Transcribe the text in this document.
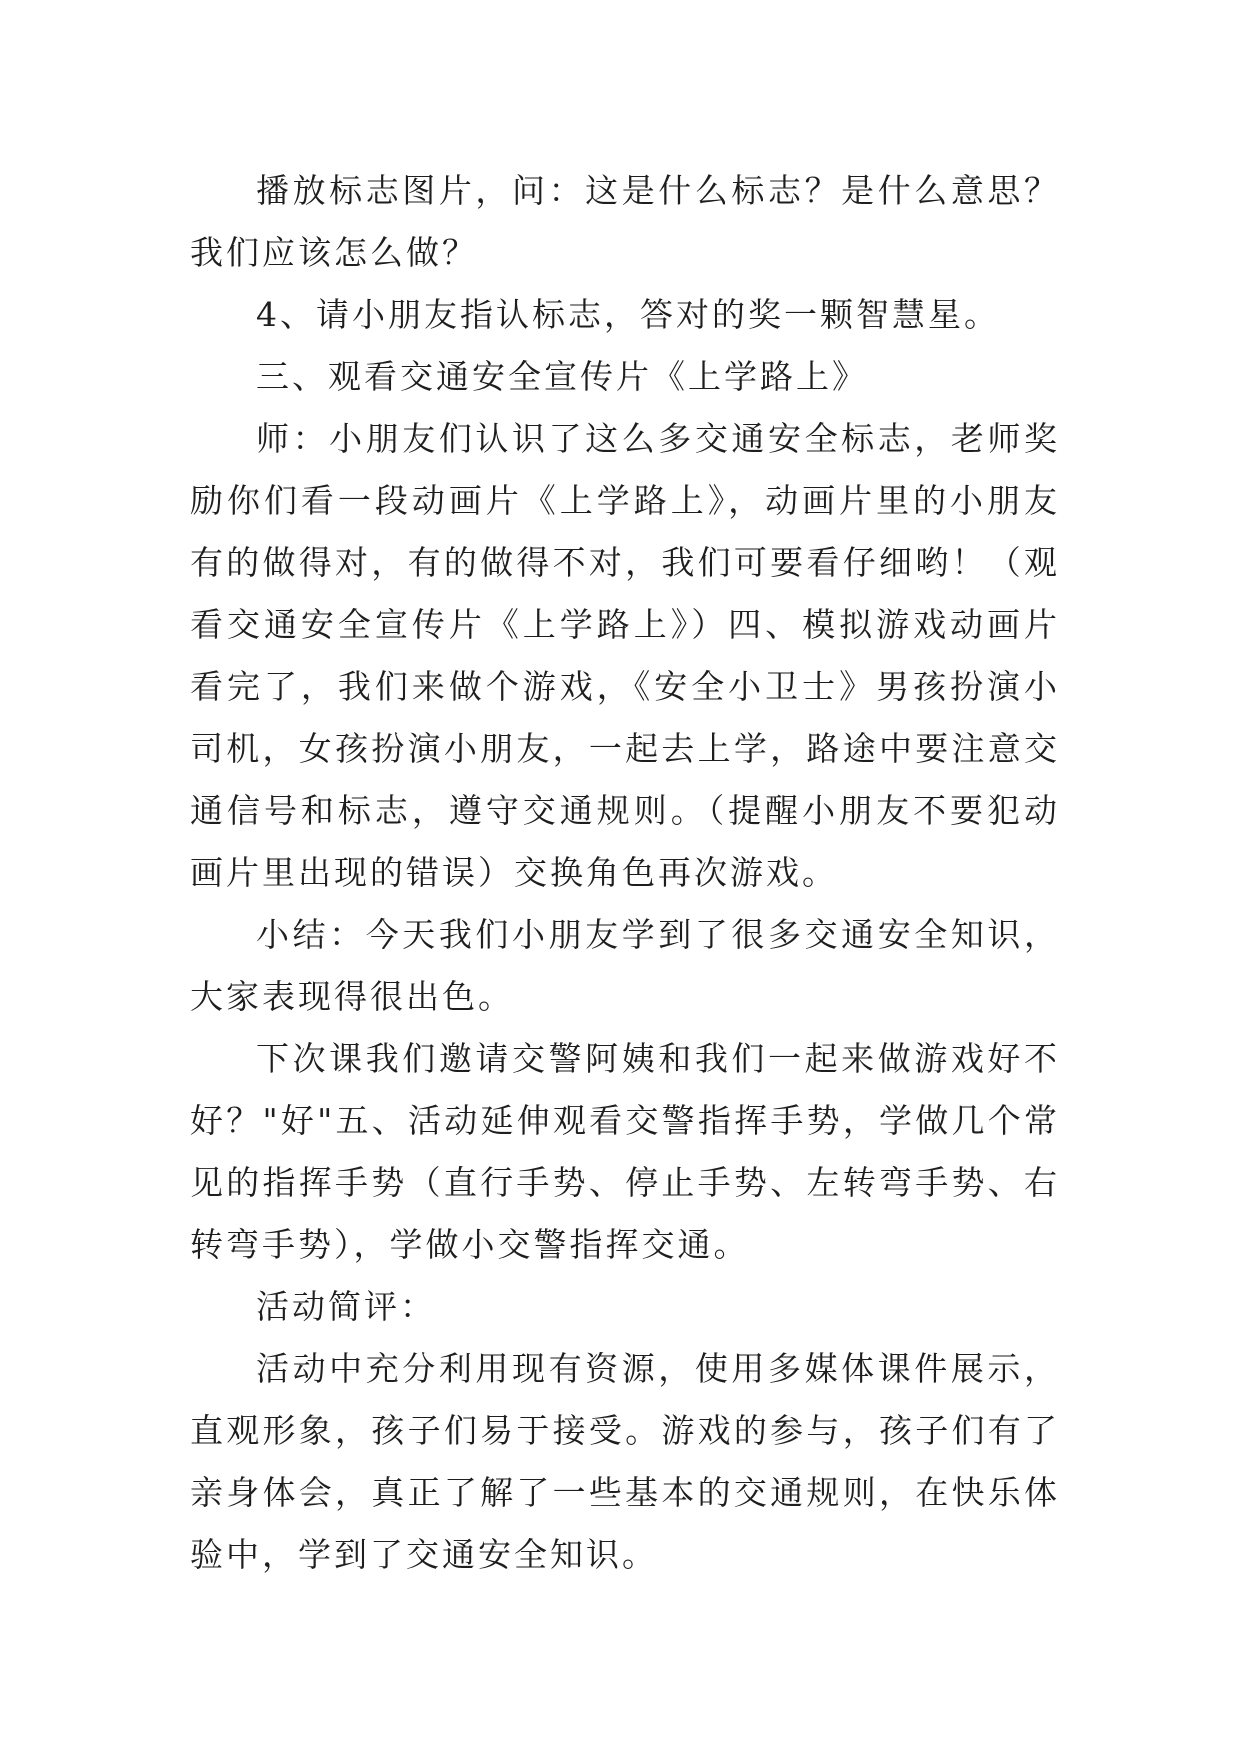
播放标志图片，问：这是什么标志？是什么意思？我们应该怎么做？

4、请小朋友指认标志，答对的奖一颗智慧星。

三、观看交通安全宣传片《上学路上》

师：小朋友们认识了这么多交通安全标志，老师奖励你们看一段动画片《上学路上》，动画片里的小朋友有的做得对，有的做得不对，我们可要看仔细哟！（观看交通安全宣传片《上学路上》）四、模拟游戏动画片看完了，我们来做个游戏，《安全小卫士》男孩扮演小司机，女孩扮演小朋友，一起去上学，路途中要注意交通信号和标志，遵守交通规则。（提醒小朋友不要犯动画片里出现的错误）交换角色再次游戏。

小结：今天我们小朋友学到了很多交通安全知识，大家表现得很出色。

下次课我们邀请交警阿姨和我们一起来做游戏好不好？"好"五、活动延伸观看交警指挥手势，学做几个常见的指挥手势（直行手势、停止手势、左转弯手势、右转弯手势），学做小交警指挥交通。

活动简评：

活动中充分利用现有资源，使用多媒体课件展示，直观形象，孩子们易于接受。游戏的参与，孩子们有了亲身体会，真正了解了一些基本的交通规则，在快乐体验中，学到了交通安全知识。
